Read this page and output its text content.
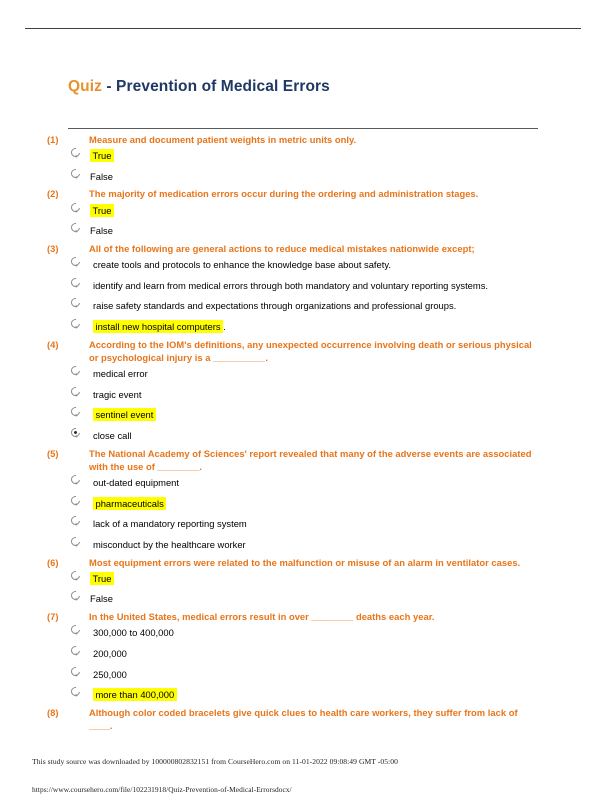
Quiz - Prevention of Medical Errors
(1)	Measure and document patient weights in metric units only.
True
False
(2)	The majority of medication errors occur during the ordering and administration stages.
True
False
(3)	All of the following are general actions to reduce medical mistakes nationwide except;
create tools and protocols to enhance the knowledge base about safety.
identify and learn from medical errors through both mandatory and voluntary reporting systems.
raise safety standards and expectations through organizations and professional groups.
install new hospital computers .
(4)	According to the IOM's definitions, any unexpected occurrence involving death or serious physical or psychological injury is a __________.
medical error
tragic event
sentinel event
close call
(5)	The National Academy of Sciences' report revealed that many of the adverse events are associated with the use of ________.
out-dated equipment
pharmaceuticals
lack of a mandatory reporting system
misconduct by the healthcare worker
(6)	Most equipment errors were related to the malfunction or misuse of an alarm in ventilator cases.
True
False
(7)	In the United States, medical errors result in over ________ deaths each year.
300,000 to 400,000
200,000
250,000
more than 400,000
(8)	Although color coded bracelets give quick clues to health care workers, they suffer from lack of ____.
This study source was downloaded by 100000802832151 from CourseHero.com on 11-01-2022 09:08:49 GMT -05:00
https://www.coursehero.com/file/102231918/Quiz-Prevention-of-Medical-Errorsdocx/
